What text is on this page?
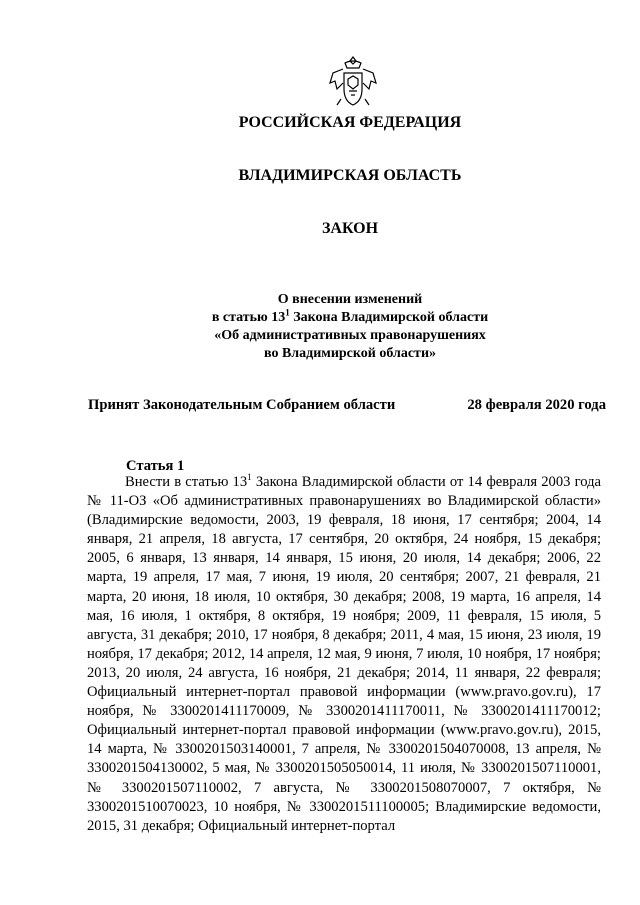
РОССИЙСКАЯ ФЕДЕРАЦИЯ
ВЛАДИМИРСКАЯ ОБЛАСТЬ
ЗАКОН
О внесении изменений
в статью $13^1$ Закона Владимирской области
«Об административных правонарушениях
во Владимирской области»
Принят Законодательным Собранием области	28 февраля 2020 года
Статья 1

Внести в статью $13^1$ Закона Владимирской области от 14 февраля 2003 года № 11-ОЗ «Об административных правонарушениях во Владимирской области» (Владимирские ведомости, 2003, 19 февраля, 18 июня, 17 сентября; 2004, 14 января, 21 апреля, 18 августа, 17 сентября, 20 октября, 24 ноября, 15 декабря; 2005, 6 января, 13 января, 14 января, 15 июня, 20 июля, 14 декабря; 2006, 22 марта, 19 апреля, 17 мая, 7 июня, 19 июля, 20 сентября; 2007, 21 февраля, 21 марта, 20 июня, 18 июля, 10 октября, 30 декабря; 2008, 19 марта, 16 апреля, 14 мая, 16 июля, 1 октября, 8 октября, 19 ноября; 2009, 11 февраля, 15 июля, 5 августа, 31 декабря; 2010, 17 ноября, 8 декабря; 2011, 4 мая, 15 июня, 23 июля, 19 ноября, 17 декабря; 2012, 14 апреля, 12 мая, 9 июня, 7 июля, 10 ноября, 17 ноября; 2013, 20 июля, 24 августа, 16 ноября, 21 декабря; 2014, 11 января, 22 февраля; Официальный интернет-портал правовой информации (www.pravo.gov.ru), 17 ноября, № 3300201411170009, № 3300201411170011, № 3300201411170012; Официальный интернет-портал правовой информации (www.pravo.gov.ru), 2015, 14 марта, № 3300201503140001, 7 апреля, № 3300201504070008, 13 апреля, № 3300201504130002, 5 мая, № 3300201505050014, 11 июля, № 3300201507110001, № 3300201507110002, 7 августа, № 3300201508070007, 7 октября, № 3300201510070023, 10 ноября, № 3300201511100005; Владимирские ведомости, 2015, 31 декабря; Официальный интернет-портал
